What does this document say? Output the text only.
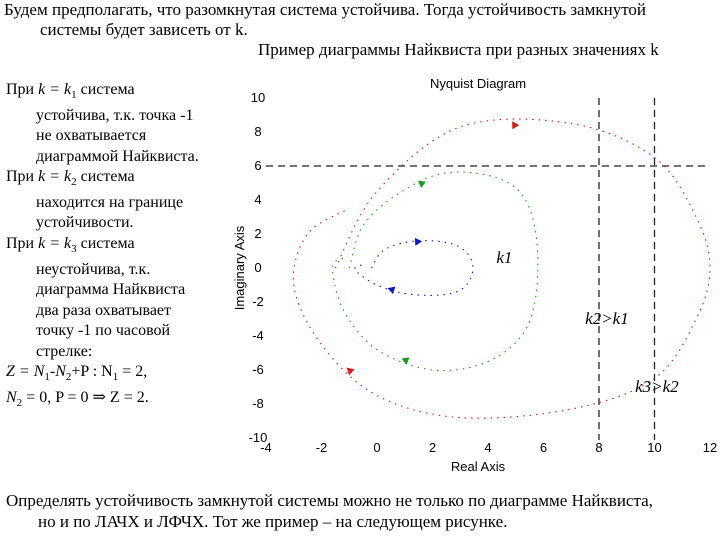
Будем предполагать, что разомкнутая система устойчива. Тогда устойчивость замкнутой
системы будет зависеть от k.
Пример диаграммы Найквиста при разных значениях k
При $k = k_1$ система

устойчива, т.к. точка -1
не охватывается
диаграммой Найквиста.
При $k = k_2$ система

находится на границе
устойчивости.
При $k = k_3$ система

неустойчива, т.к.
диаграмма Найквиста
два раза охватывает
точку -1 по часовой
стрелке:
$Z = N_1-N_2+P$ : $N_1 = 2$,
$N_2 = 0$, P = 0 ⇒ Z = 2.
Nyquist Diagram
Real Axis
Imaginary Axis
10
8
6
4
2
0
-2
-4
-6
-8
-10
-4	-2	0	2	4	6	8	10	12
k1
k2>k1
k3>k2
Определять устойчивость замкнутой системы можно не только по диаграмме Найквиста,
но и по ЛАЧХ и ЛФЧХ. Тот же пример – на следующем рисунке.
